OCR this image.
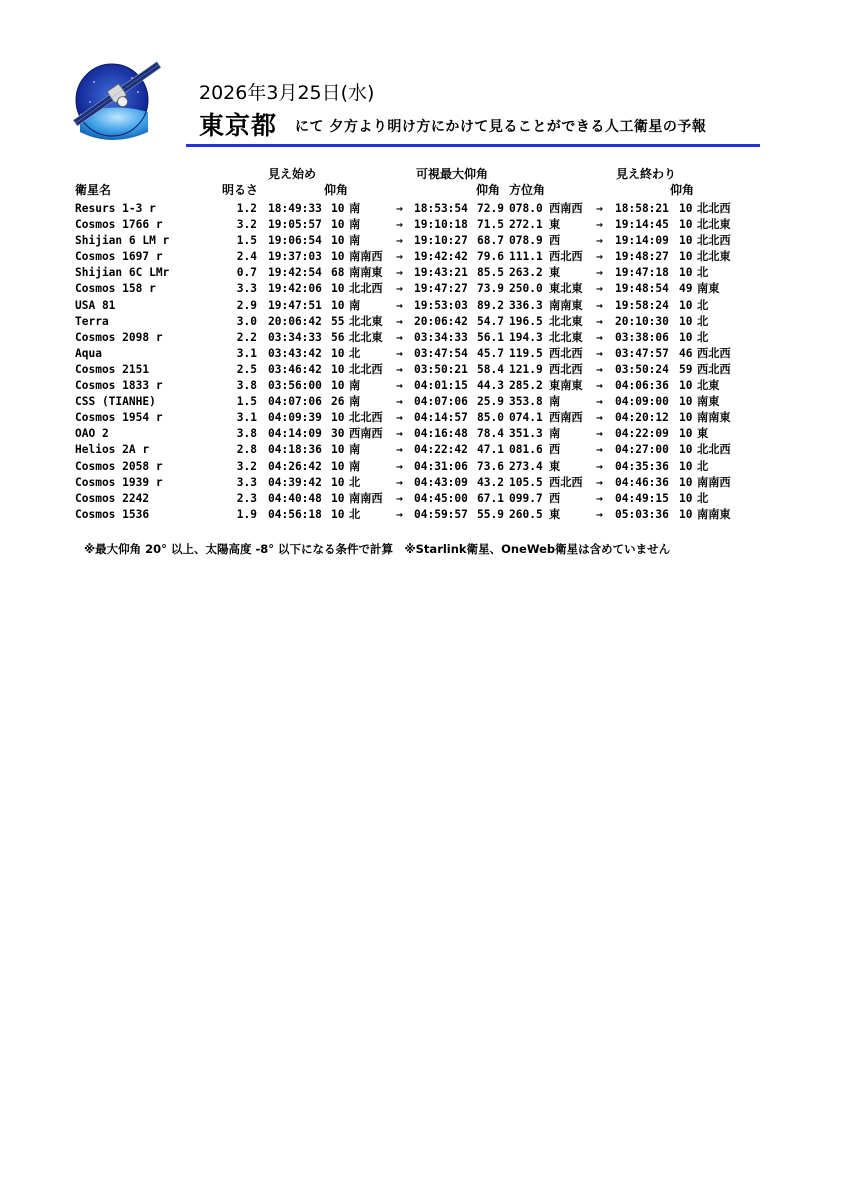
2026年3月25日(水)
東京都 にて 夕方より明け方にかけて見ることができる人工衛星の予報
見え始め	可視最大仰角	見え終わり
衛星名	明るさ	仰角	仰角 方位角	仰角
Resurs 1-3 r	1.2 18:49:33 10 南	→ 18:53:54 72.9 078.0 西南西 → 18:58:21 10 北北西
Cosmos 1766 r	3.2 19:05:57 10 南	→ 19:10:18 71.5 272.1 東	→ 19:14:45 10 北北東
Shijian 6 LM r	1.5 19:06:54 10 南	→ 19:10:27 68.7 078.9 西	→ 19:14:09 10 北北西
Cosmos 1697 r	2.4 19:37:03 10 南南西 → 19:42:42 79.6 111.1 西北西 → 19:48:27 10 北北東
Shijian 6C LMr	0.7 19:42:54 68 南南東 → 19:43:21 85.5 263.2 東	→ 19:47:18 10 北
Cosmos 158 r	3.3 19:42:06 10 北北西 → 19:47:27 73.9 250.0 東北東 → 19:48:54 49 南東
USA 81	2.9 19:47:51 10 南	→ 19:53:03 89.2 336.3 南南東 → 19:58:24 10 北
Terra	3.0 20:06:42 55 北北東 → 20:06:42 54.7 196.5 北北東 → 20:10:30 10 北
Cosmos 2098 r	2.2 03:34:33 56 北北東 → 03:34:33 56.1 194.3 北北東 → 03:38:06 10 北
Aqua	3.1 03:43:42 10 北	→ 03:47:54 45.7 119.5 西北西 → 03:47:57 46 西北西
Cosmos 2151	2.5 03:46:42 10 北北西 → 03:50:21 58.4 121.9 西北西 → 03:50:24 59 西北西
Cosmos 1833 r	3.8 03:56:00 10 南	→ 04:01:15 44.3 285.2 東南東 → 04:06:36 10 北東
CSS (TIANHE)	1.5 04:07:06 26 南	→ 04:07:06 25.9 353.8 南	→ 04:09:00 10 南東
Cosmos 1954 r	3.1 04:09:39 10 北北西 → 04:14:57 85.0 074.1 西南西 → 04:20:12 10 南南東
OAO 2	3.8 04:14:09 30 西南西 → 04:16:48 78.4 351.3 南	→ 04:22:09 10 東
Helios 2A r	2.8 04:18:36 10 南	→ 04:22:42 47.1 081.6 西	→ 04:27:00 10 北北西
Cosmos 2058 r	3.2 04:26:42 10 南	→ 04:31:06 73.6 273.4 東	→ 04:35:36 10 北
Cosmos 1939 r	3.3 04:39:42 10 北	→ 04:43:09 43.2 105.5 西北西 → 04:46:36 10 南南西
Cosmos 2242	2.3 04:40:48 10 南南西 → 04:45:00 67.1 099.7 西	→ 04:49:15 10 北
Cosmos 1536	1.9 04:56:18 10 北	→ 04:59:57 55.9 260.5 東	→ 05:03:36 10 南南東
※最大仰角 20° 以上、太陽高度 -8° 以下になる条件で計算　※Starlink衛星、OneWeb衛星は含めていません
